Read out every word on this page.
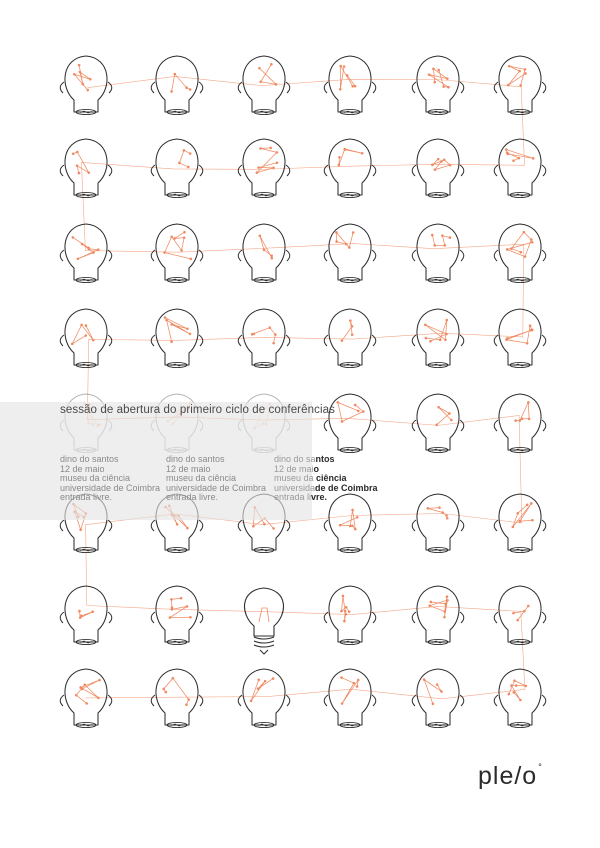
sessão de abertura do primeiro ciclo de conferências
dino do santos
12 de maio
museu da ciência
universidade de Coimbra
entrada livre.
dino do santos
12 de maio
museu da ciência
universidade de Coimbra
entrada livre.
dino do santos
12 de maio
museu da ciência
universidade de Coimbra
entrada livre.
ple/o°
